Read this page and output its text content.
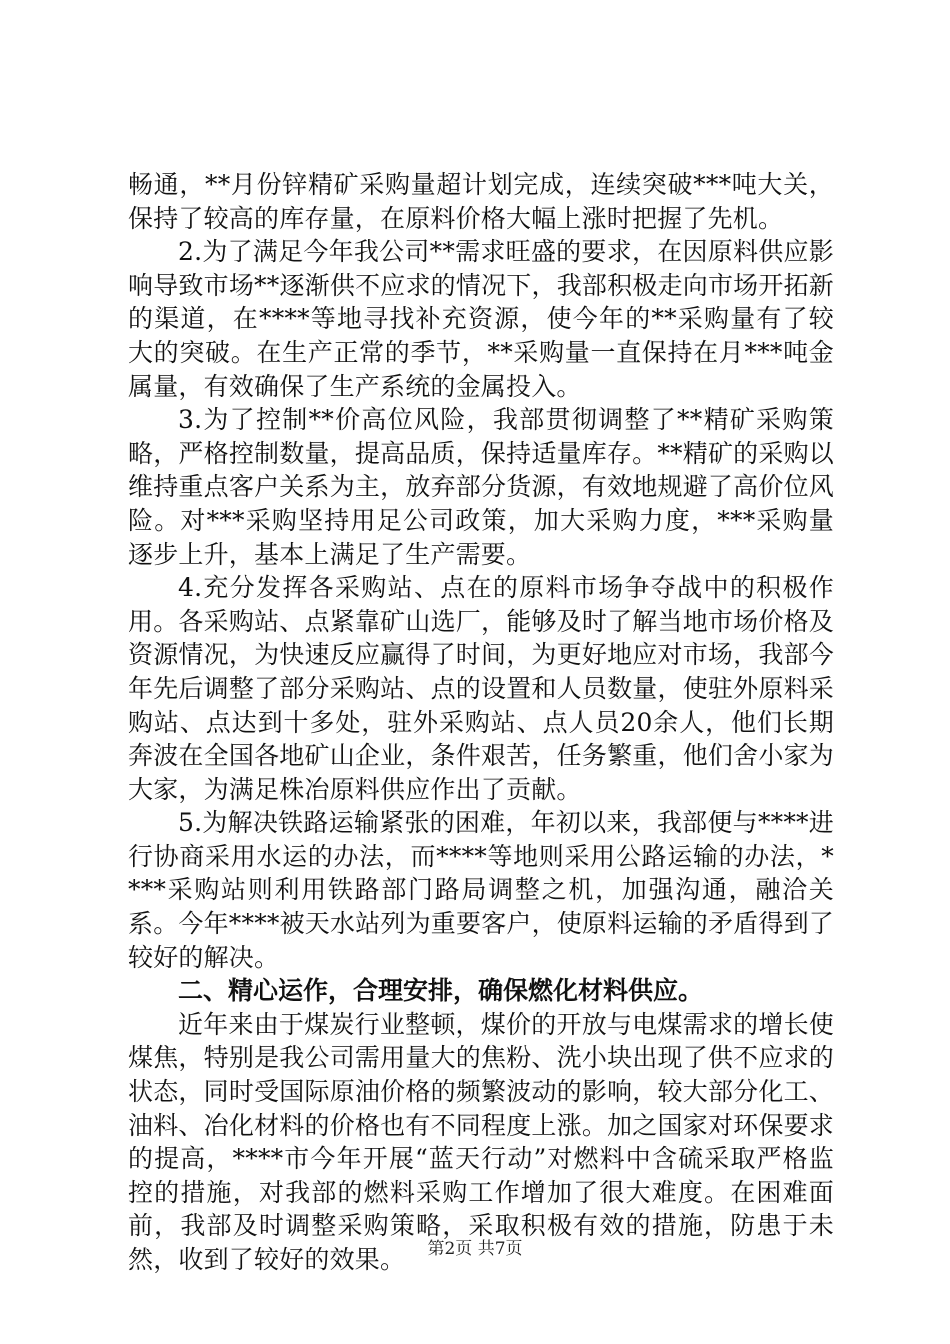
畅通，**月份锌精矿采购量超计划完成，连续突破***吨大关，保持了较高的库存量，在原料价格大幅上涨时把握了先机。

2.为了满足今年我公司**需求旺盛的要求，在因原料供应影响导致市场**逐渐供不应求的情况下，我部积极走向市场开拓新的渠道，在****等地寻找补充资源，使今年的**采购量有了较大的突破。在生产正常的季节，**采购量一直保持在月***吨金属量，有效确保了生产系统的金属投入。

3.为了控制**价高位风险，我部贯彻调整了**精矿采购策略，严格控制数量，提高品质，保持适量库存。**精矿的采购以维持重点客户关系为主，放弃部分货源，有效地规避了高价位风险。对***采购坚持用足公司政策，加大采购力度，***采购量逐步上升，基本上满足了生产需要。

4.充分发挥各采购站、点在的原料市场争夺战中的积极作用。各采购站、点紧靠矿山选厂，能够及时了解当地市场价格及资源情况，为快速反应赢得了时间，为更好地应对市场，我部今年先后调整了部分采购站、点的设置和人员数量，使驻外原料采购站、点达到十多处，驻外采购站、点人员20余人，他们长期奔波在全国各地矿山企业，条件艰苦，任务繁重，他们舍小家为大家，为满足株冶原料供应作出了贡献。

5.为解决铁路运输紧张的困难，年初以来，我部便与****进行协商采用水运的办法，而****等地则采用公路运输的办法，****采购站则利用铁路部门路局调整之机，加强沟通，融洽关系。今年****被天水站列为重要客户，使原料运输的矛盾得到了较好的解决。

二、精心运作，合理安排，确保燃化材料供应。

近年来由于煤炭行业整顿，煤价的开放与电煤需求的增长使煤焦，特别是我公司需用量大的焦粉、洗小块出现了供不应求的状态，同时受国际原油价格的频繁波动的影响，较大部分化工、油料、冶化材料的价格也有不同程度上涨。加之国家对环保要求的提高，****市今年开展“蓝天行动”对燃料中含硫采取严格监控的措施，对我部的燃料采购工作增加了很大难度。在困难面前，我部及时调整采购策略，采取积极有效的措施，防患于未然，收到了较好的效果。	第2页 共7页
